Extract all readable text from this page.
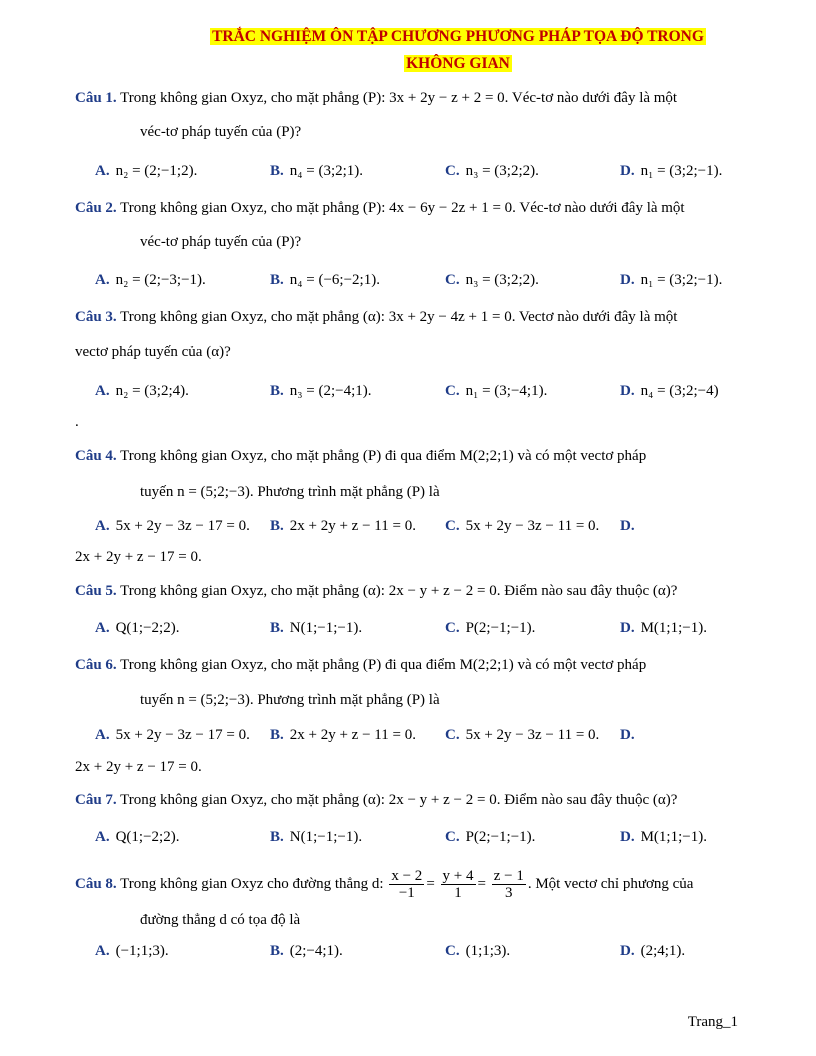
TRẮC NGHIỆM ÔN TẬP CHƯƠNG PHƯƠNG PHÁP TỌA ĐỘ TRONG
KHÔNG GIAN
Câu 1. Trong không gian Oxyz, cho mặt phẳng (P): 3x + 2y − z + 2 = 0. Véc-tơ nào dưới đây là một
véc-tơ pháp tuyến của (P)?
A. n₂ = (2;−1;2).	B. n₄ = (3;2;1).	C. n₃ = (3;2;2).	D. n₁ = (3;2;−1).
Câu 2. Trong không gian Oxyz, cho mặt phẳng (P): 4x − 6y − 2z + 1 = 0. Véc-tơ nào dưới đây là một
véc-tơ pháp tuyến của (P)?
A. n₂ = (2;−3;−1).	B. n₄ = (−6;−2;1).	C. n₃ = (3;2;2).	D. n₁ = (3;2;−1).
Câu 3. Trong không gian Oxyz, cho mặt phẳng (α): 3x + 2y − 4z + 1 = 0. Vectơ nào dưới đây là một
vectơ pháp tuyến của (α)?
A. n₂ = (3;2;4).	B. n₃ = (2;−4;1).	C. n₁ = (3;−4;1).	D. n₄ = (3;2;−4)
.
Câu 4. Trong không gian Oxyz, cho mặt phẳng (P) đi qua điểm M(2;2;1) và có một vectơ pháp
tuyến n = (5;2;−3). Phương trình mặt phẳng (P) là
A. 5x + 2y − 3z − 17 = 0. B. 2x + 2y + z − 11 = 0. C. 5x + 2y − 3z − 11 = 0. D.
2x + 2y + z − 17 = 0.
Câu 5. Trong không gian Oxyz, cho mặt phẳng (α): 2x − y + z − 2 = 0. Điểm nào sau đây thuộc (α)?
A. Q(1;−2;2).	B. N(1;−1;−1).	C. P(2;−1;−1).	D. M(1;1;−1).
Câu 6. Trong không gian Oxyz, cho mặt phẳng (P) đi qua điểm M(2;2;1) và có một vectơ pháp
tuyến n = (5;2;−3). Phương trình mặt phẳng (P) là
A. 5x + 2y − 3z − 17 = 0. B. 2x + 2y + z − 11 = 0. C. 5x + 2y − 3z − 11 = 0. D.
2x + 2y + z − 17 = 0.
Câu 7. Trong không gian Oxyz, cho mặt phẳng (α): 2x − y + z − 2 = 0. Điểm nào sau đây thuộc (α)?
A. Q(1;−2;2).	B. N(1;−1;−1).	C. P(2;−1;−1).	D. M(1;1;−1).
Câu 8. Trong không gian Oxyz cho đường thẳng d: $\frac{x - 2}{-1} = \frac{y + 4}{1} = \frac{z - 1}{3}$ . Một vectơ chỉ phương của
đường thẳng d có tọa độ là
A. (−1;1;3).	B. (2;−4;1).	C. (1;1;3).	D. (2;4;1).
Trang_1
